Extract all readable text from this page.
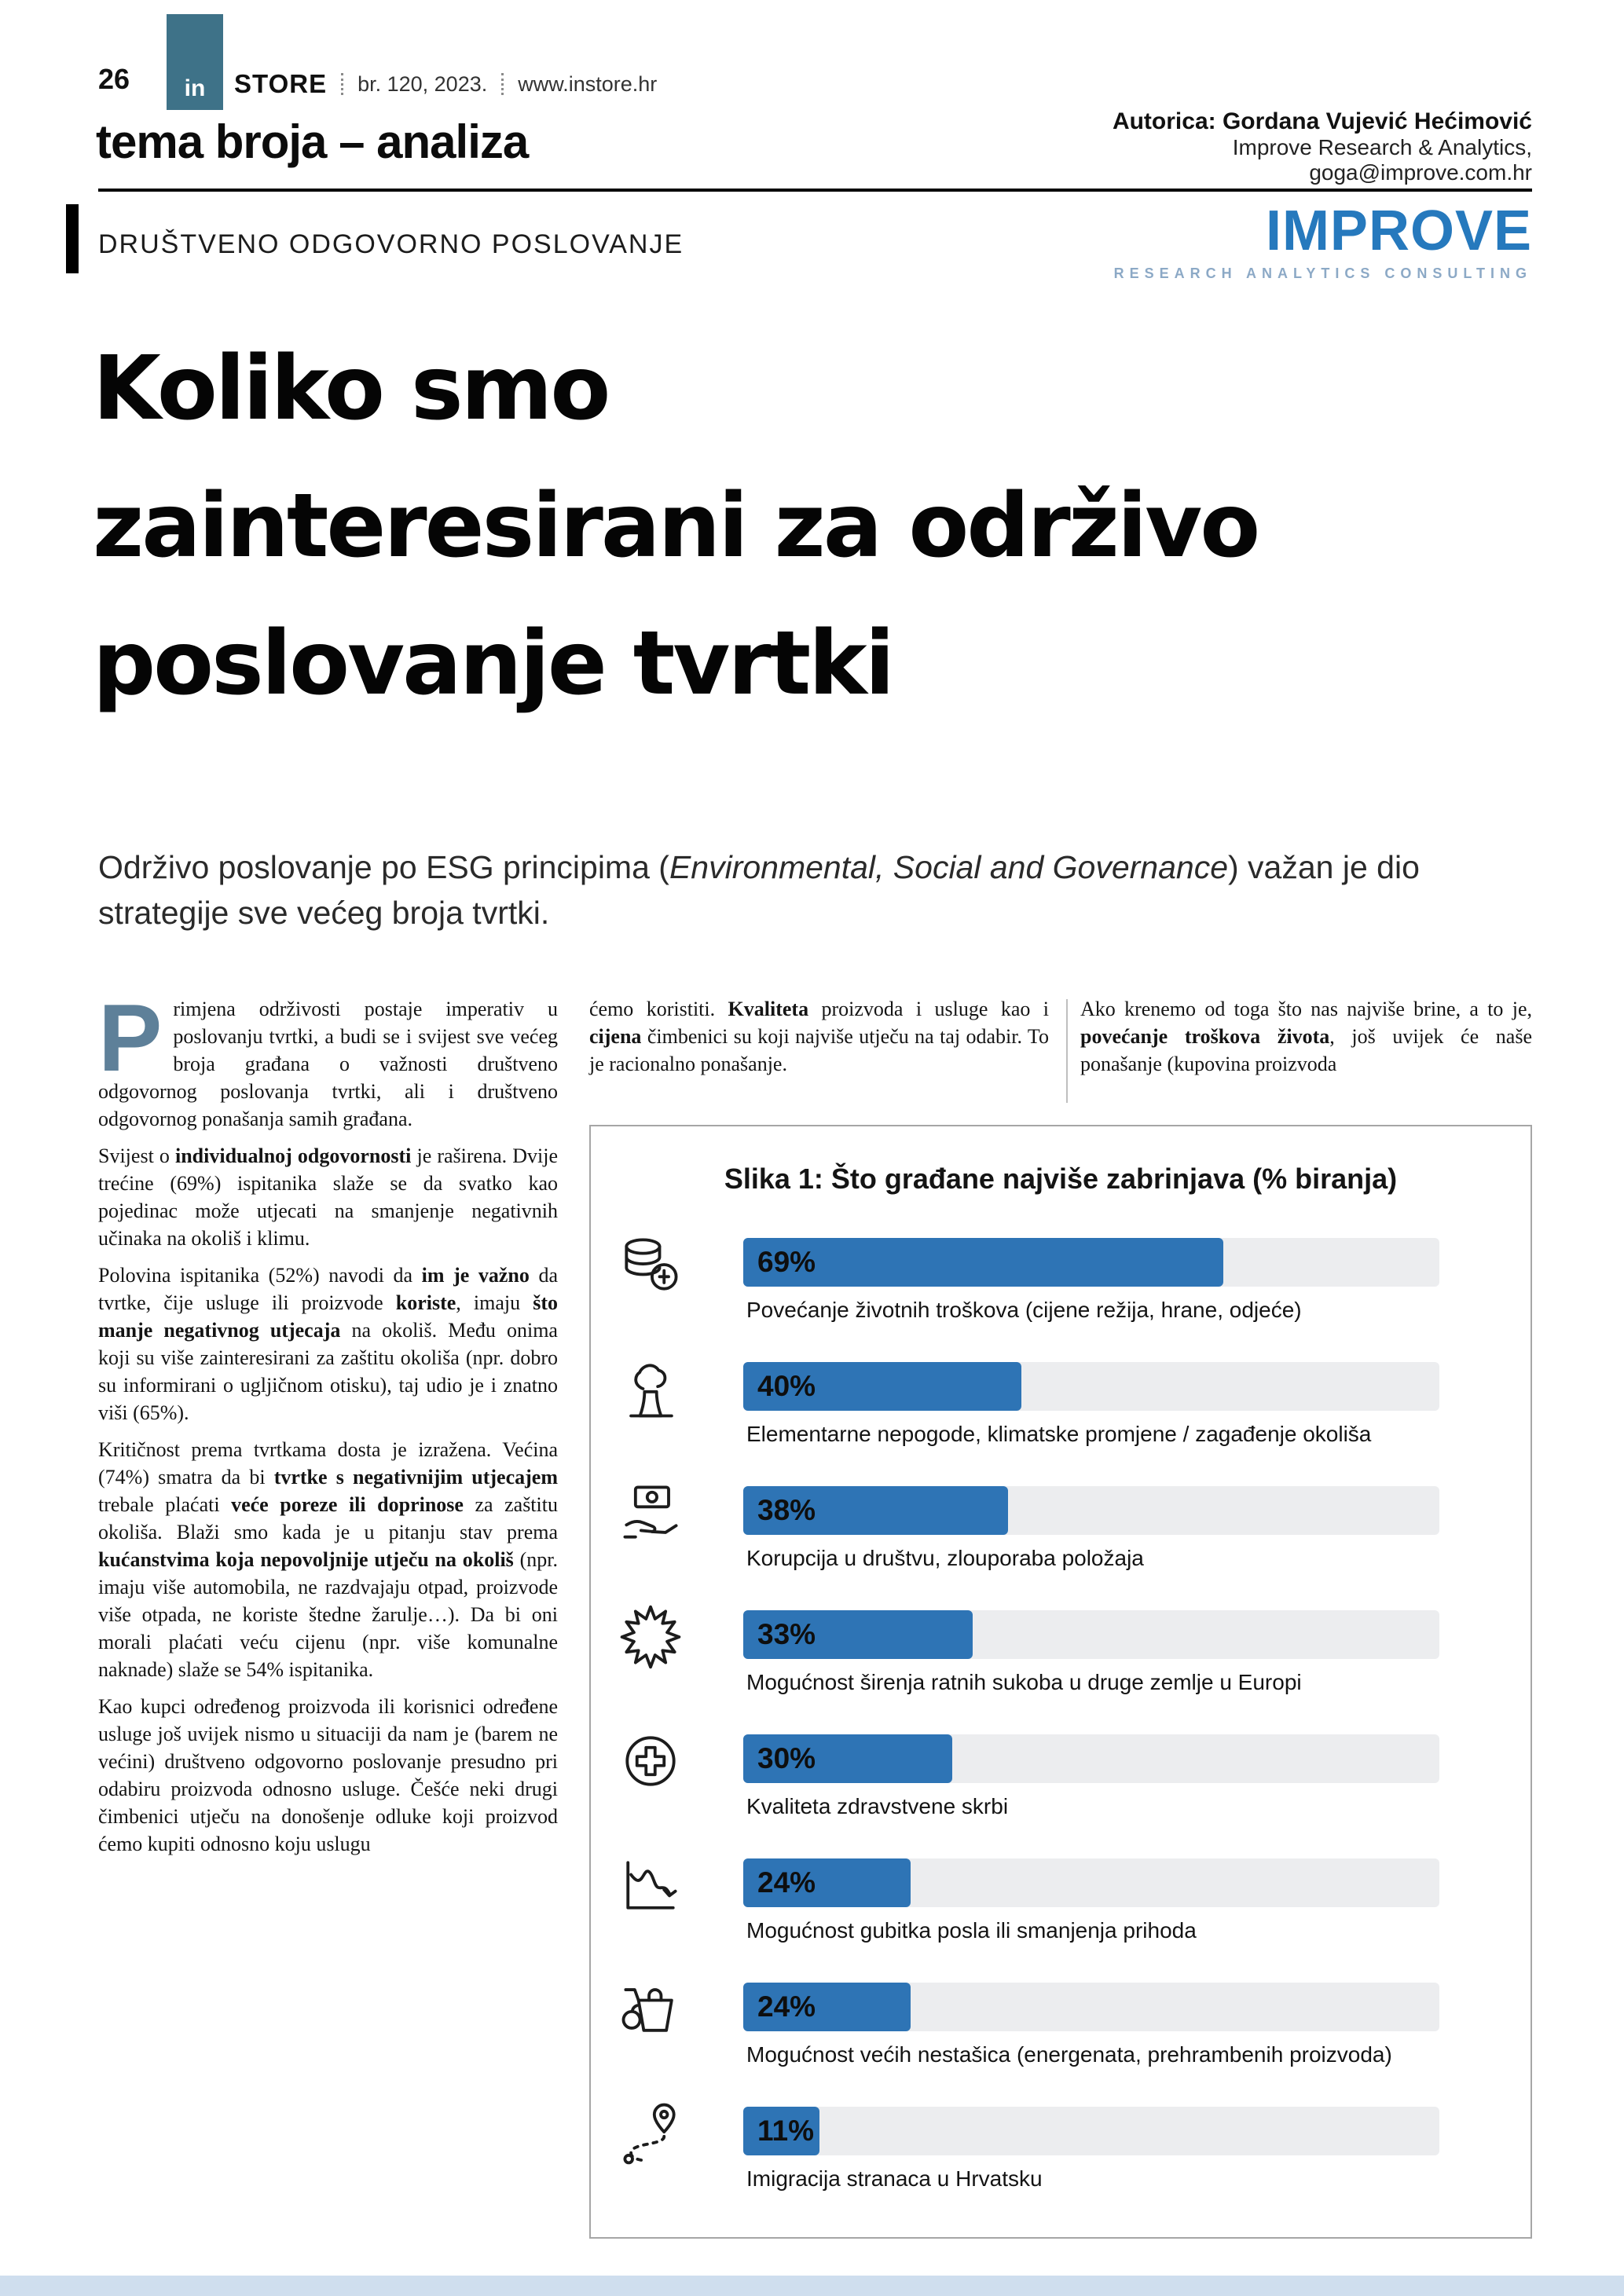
in
26	STORE br. 120, 2023. www.instore.hr
tema broja – analiza	Autorica: Gordana Vujević Hećimović
Improve Research & Analytics,
goga@improve.com.hr
DRUŠTVENO ODGOVORNO POSLOVANJE	IMPROVE
RESEARCH ANALYTICS CONSULTING
Koliko smo
zainteresirani za održivo
poslovanje tvrtki

Održivo poslovanje po ESG principima (Environmental, Social and Governance) važan je dio strategije sve većeg broja tvrtki.

Primjena održivosti postaje imperativ u poslovanju tvrtki, a budi se i svijest sve većeg broja građana o važnosti društveno odgovornog poslovanja tvrtki, ali i društveno odgovornog ponašanja samih građana.

Svijest o individualnoj odgovornosti je raširena. Dvije trećine (69%) ispitanika slaže se da svatko kao pojedinac može utjecati na smanjenje negativnih učinaka na okoliš i klimu.

Polovina ispitanika (52%) navodi da im je važno da tvrtke, čije usluge ili proizvode koriste, imaju što manje negativnog utjecaja na okoliš. Među onima koji su više zainteresirani za zaštitu okoliša (npr. dobro su informirani o ugljičnom otisku), taj udio je i znatno viši (65%).

Kritičnost prema tvrtkama dosta je izražena. Većina (74%) smatra da bi tvrtke s negativnijim utjecajem trebale plaćati veće poreze ili doprinose za zaštitu okoliša. Blaži smo kada je u pitanju stav prema kućanstvima koja nepovoljnije utječu na okoliš (npr. imaju više automobila, ne razdvajaju otpad, proizvode više otpada, ne koriste štedne žarulje…). Da bi oni morali plaćati veću cijenu (npr. više komunalne naknade) slaže se 54% ispitanika.

Kao kupci određenog proizvoda ili korisnici određene usluge još uvijek nismo u situaciji da nam je (barem ne većini) društveno odgovorno poslovanje presudno pri odabiru proizvoda odnosno usluge. Češće neki drugi čimbenici utječu na donošenje odluke koji proizvod ćemo kupiti odnosno koju uslugu

ćemo koristiti. Kvaliteta proizvoda i usluge kao i cijena čimbenici su koji najviše utječu na taj odabir. To je racionalno ponašanje.

Ako krenemo od toga što nas najviše brine, a to je, povećanje troškova života, još uvijek će naše ponašanje (kupovina proizvoda

Slika 1: Što građane najviše zabrinjava (% biranja)
69%
Povećanje životnih troškova (cijene režija, hrane, odjeće)
40%
Elementarne nepogode, klimatske promjene / zagađenje okoliša
38%
Korupcija u društvu, zlouporaba položaja
33%
Mogućnost širenja ratnih sukoba u druge zemlje u Europi
30%
Kvaliteta zdravstvene skrbi
24%
Mogućnost gubitka posla ili smanjenja prihoda
24%
Mogućnost većih nestašica (energenata, prehrambenih proizvoda)
11%
Imigracija stranaca u Hrvatsku
